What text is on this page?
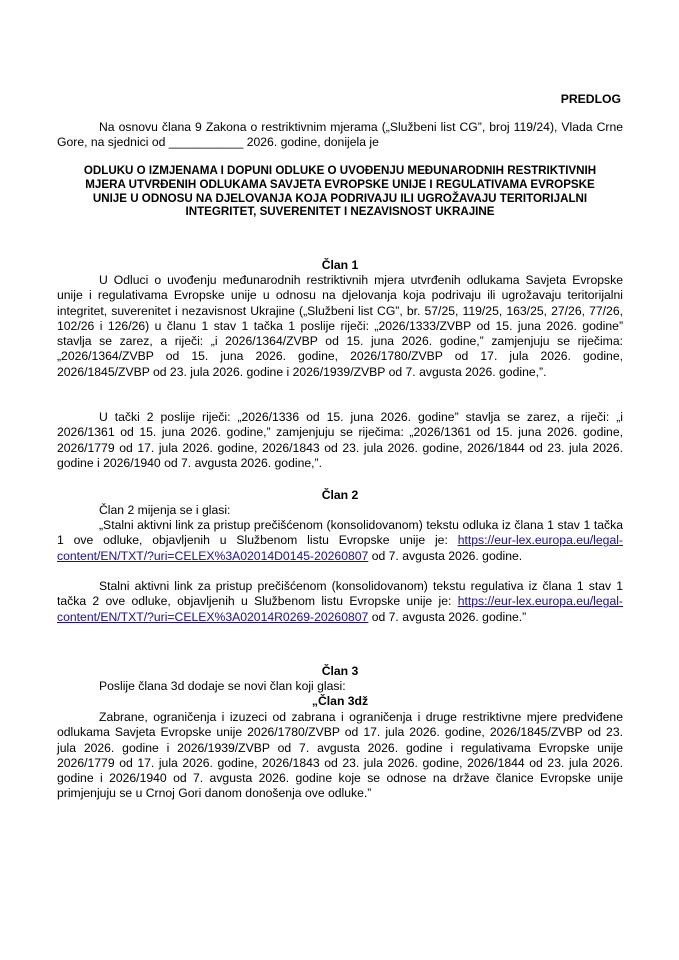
PREDLOG

Na osnovu člana 9 Zakona o restriktivnim mjerama („Službeni list CG”, broj 119/24), Vlada Crne Gore, na sjednici od ___________ 2026. godine, donijela je

ODLUKU O IZMJENAMA I DOPUNI ODLUKE O UVOĐENJU MEĐUNARODNIH RESTRIKTIVNIH MJERA UTVRĐENIH ODLUKAMA SAVJETA EVROPSKE UNIJE I REGULATIVAMA EVROPSKE UNIJE U ODNOSU NA DJELOVANJA KOJA PODRIVAJU ILI UGROŽAVAJU TERITORIJALNI INTEGRITET, SUVERENITET I NEZAVISNOST UKRAJINE

Član 1

U Odluci o uvođenju međunarodnih restriktivnih mjera utvrđenih odlukama Savjeta Evropske unije i regulativama Evropske unije u odnosu na djelovanja koja podrivaju ili ugrožavaju teritorijalni integritet, suverenitet i nezavisnost Ukrajine („Službeni list CG”, br. 57/25, 119/25, 163/25, 27/26, 77/26, 102/26 i 126/26) u članu 1 stav 1 tačka 1 poslije riječi: „2026/1333/ZVBP od 15. juna 2026. godine” stavlja se zarez, a riječi: „i 2026/1364/ZVBP od 15. juna 2026. godine,” zamjenjuju se riječima: „2026/1364/ZVBP od 15. juna 2026. godine, 2026/1780/ZVBP od 17. jula 2026. godine, 2026/1845/ZVBP od 23. jula 2026. godine i 2026/1939/ZVBP od 7. avgusta 2026. godine,”.

U tački 2 poslije riječi: „2026/1336 od 15. juna 2026. godine” stavlja se zarez, a riječi: „i 2026/1361 od 15. juna 2026. godine,” zamjenjuju se riječima: „2026/1361 od 15. juna 2026. godine, 2026/1779 od 17. jula 2026. godine, 2026/1843 od 23. jula 2026. godine, 2026/1844 od 23. jula 2026. godine i 2026/1940 od 7. avgusta 2026. godine,”.

Član 2

Član 2 mijenja se i glasi:

„Stalni aktivni link za pristup prečišćenom (konsolidovanom) tekstu odluka iz člana 1 stav 1 tačka 1 ove odluke, objavljenih u Službenom listu Evropske unije je: https://eur-lex.europa.eu/legal-content/EN/TXT/?uri=CELEX%3A02014D0145-20260807 od 7. avgusta 2026. godine.

Stalni aktivni link za pristup prečišćenom (konsolidovanom) tekstu regulativa iz člana 1 stav 1 tačka 2 ove odluke, objavljenih u Službenom listu Evropske unije je: https://eur-lex.europa.eu/legal-content/EN/TXT/?uri=CELEX%3A02014R0269-20260807 od 7. avgusta 2026. godine.”

Član 3

Poslije člana 3d dodaje se novi član koji glasi:

„Član 3dž

Zabrane, ograničenja i izuzeci od zabrana i ograničenja i druge restriktivne mjere predviđene odlukama Savjeta Evropske unije 2026/1780/ZVBP od 17. jula 2026. godine, 2026/1845/ZVBP od 23. jula 2026. godine i 2026/1939/ZVBP od 7. avgusta 2026. godine i regulativama Evropske unije 2026/1779 od 17. jula 2026. godine, 2026/1843 od 23. jula 2026. godine, 2026/1844 od 23. jula 2026. godine i 2026/1940 od 7. avgusta 2026. godine koje se odnose na države članice Evropske unije primjenjuju se u Crnoj Gori danom donošenja ove odluke.”
